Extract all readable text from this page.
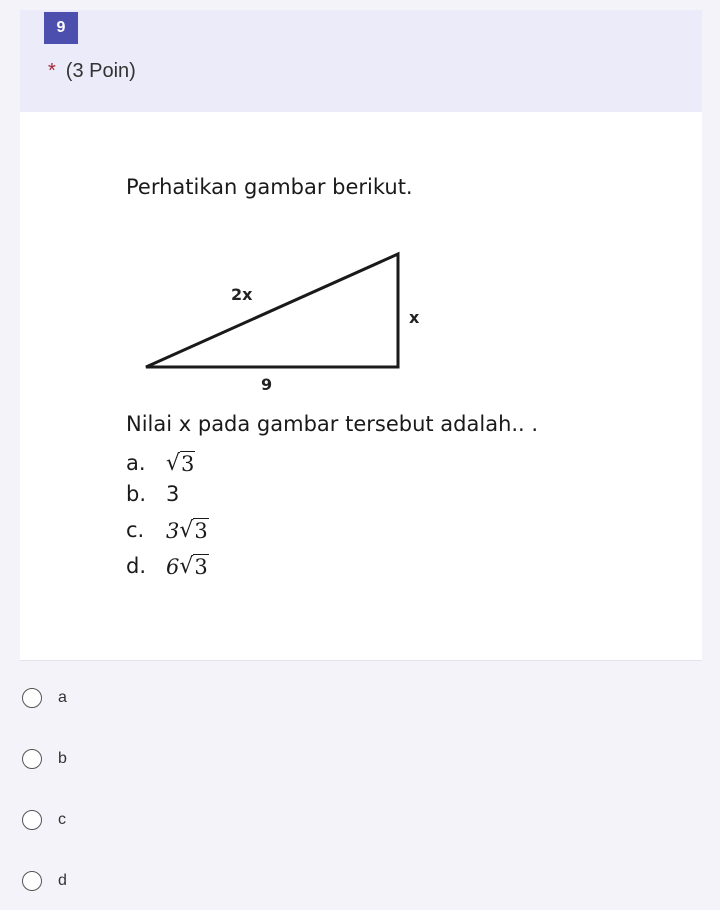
9
* (3 Poin)
Perhatikan gambar berikut.
2x
x
9
Nilai x pada gambar tersebut adalah.. .
a. √ 3
b. 3
c.	3 √ 3
d. 6 √ 3
a
b
c
d
